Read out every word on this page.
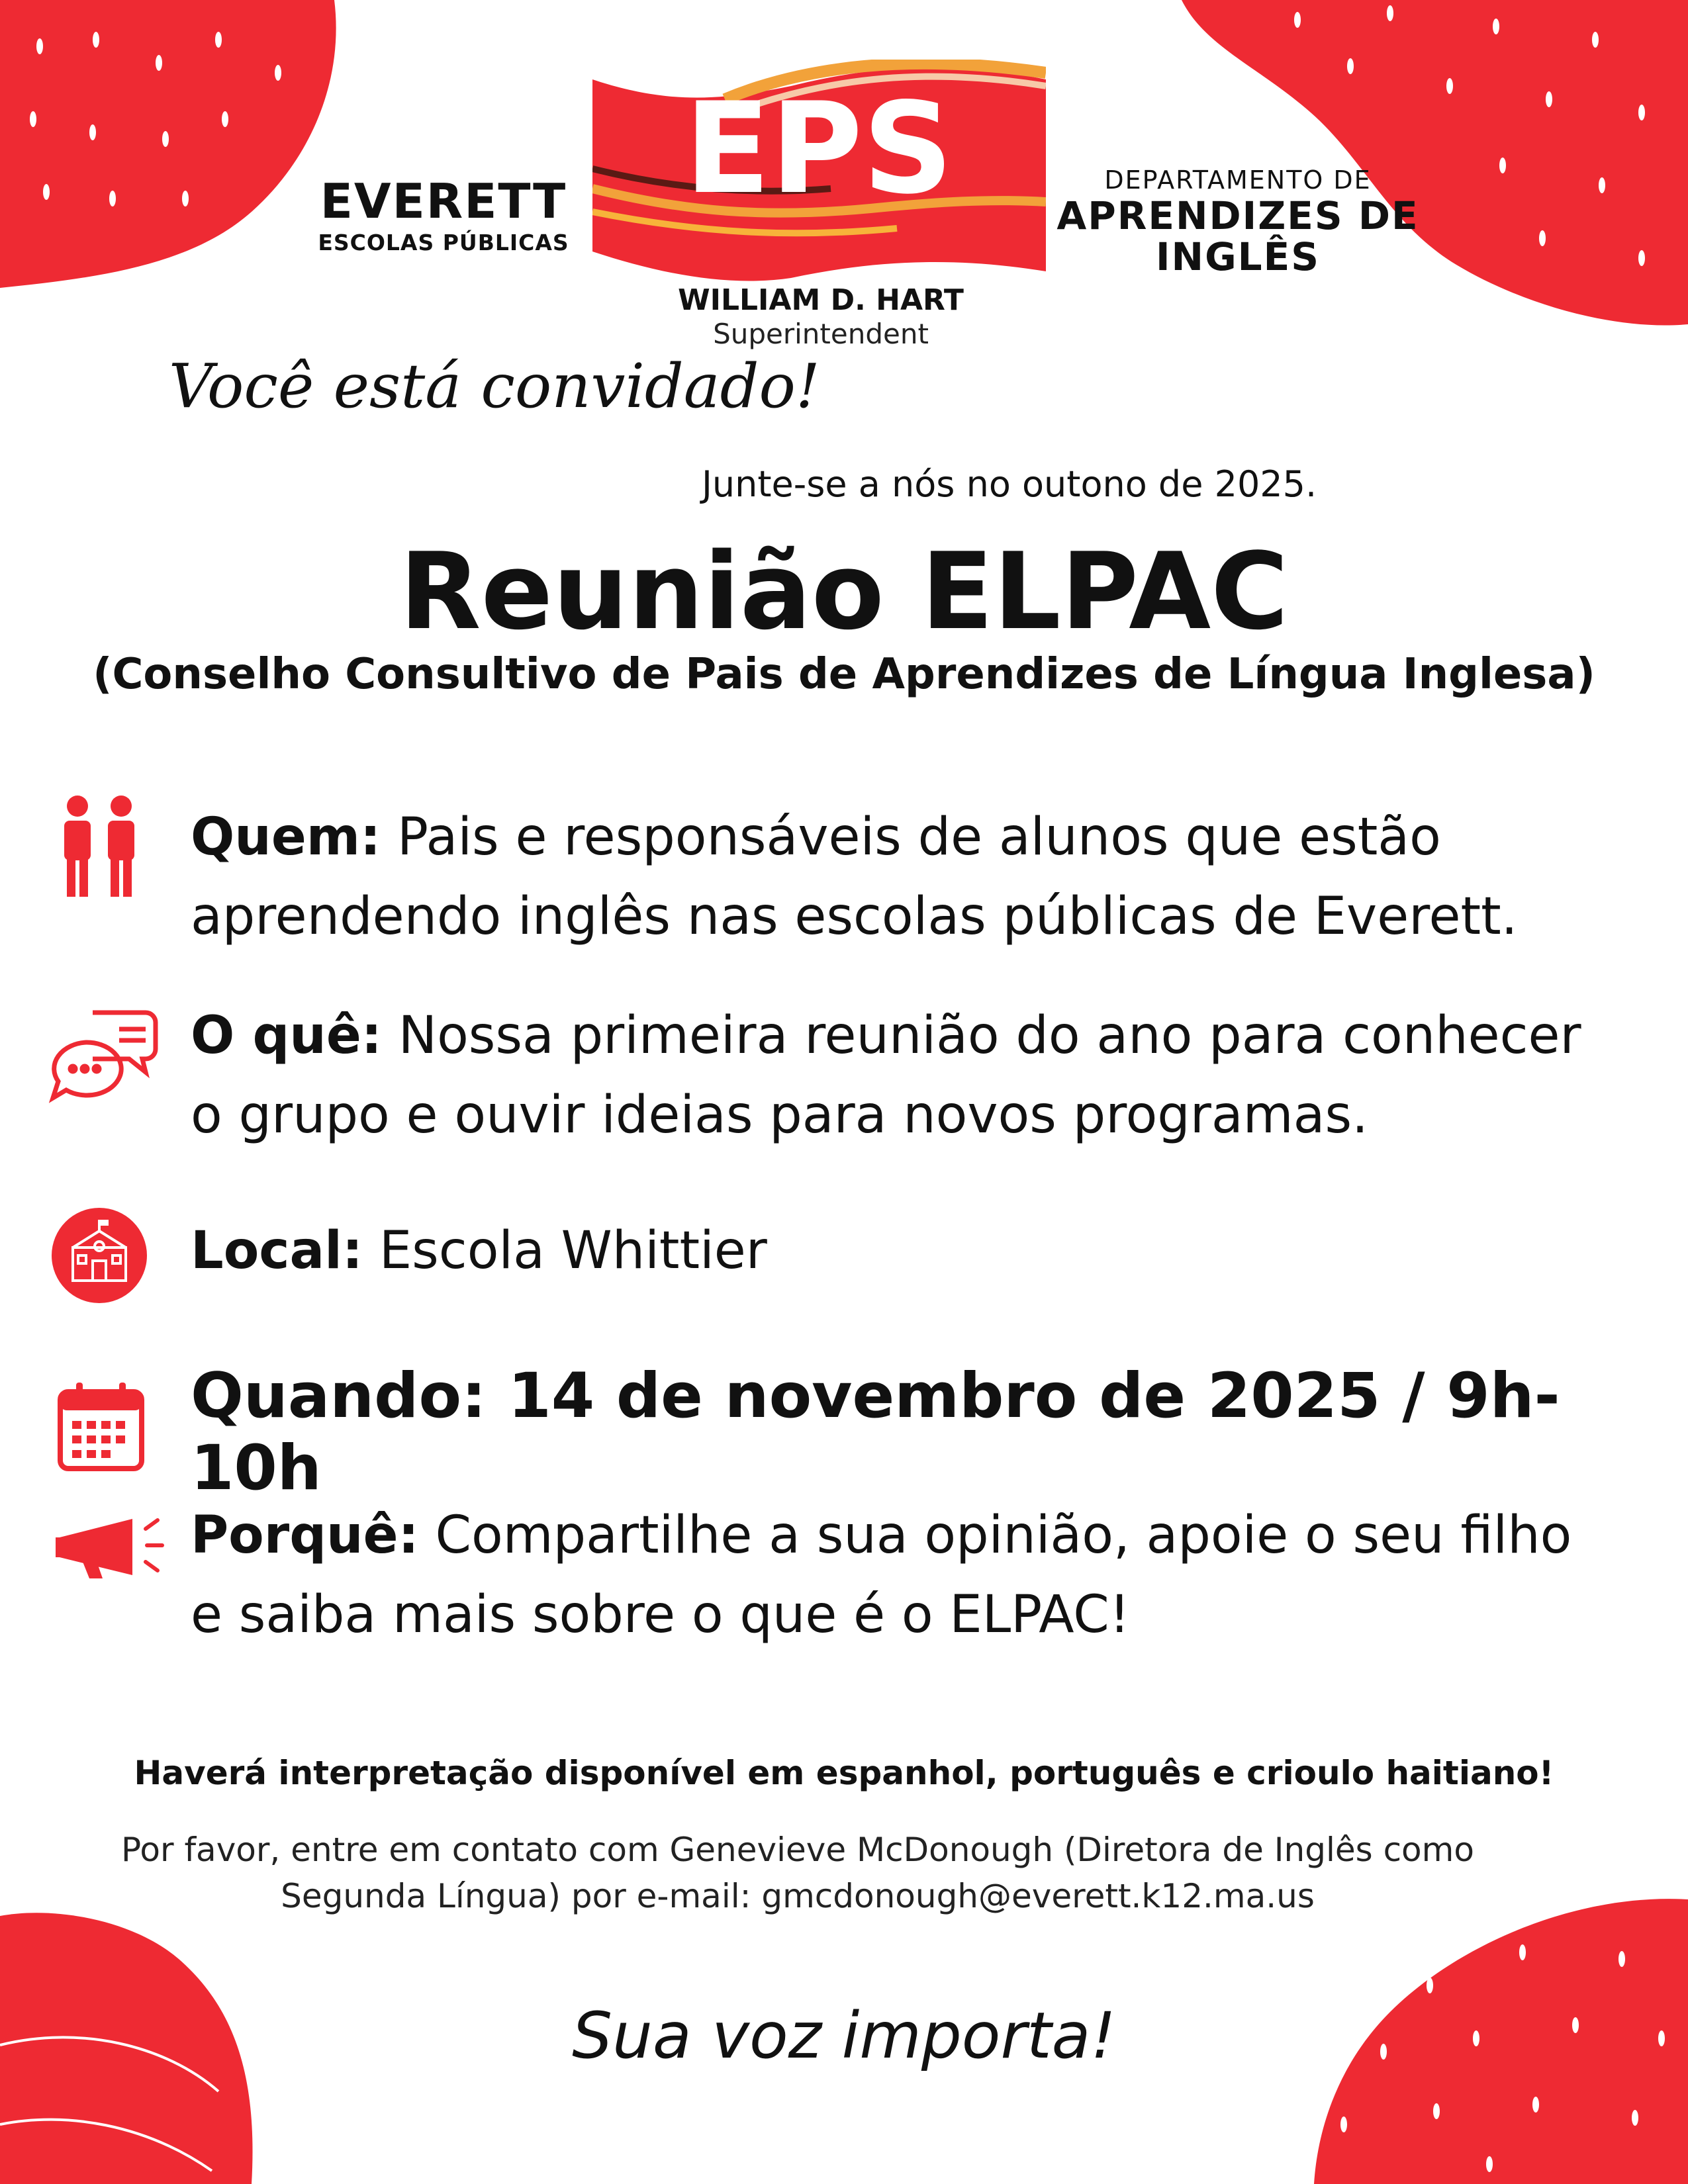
EVERETT
ESCOLAS PÚBLICAS
EPS
WILLIAM D. HART
Superintendent
DEPARTAMENTO DE
APRENDIZES DE
INGLÊS
Você está convidado!
Junte-se a nós no outono de 2025.
Reunião ELPAC
(Conselho Consultivo de Pais de Aprendizes de Língua Inglesa)
Quem: Pais e responsáveis de alunos que estão
aprendendo inglês nas escolas públicas de Everett.
O quê: Nossa primeira reunião do ano para conhecer
o grupo e ouvir ideias para novos programas.
Local: Escola Whittier
Quando: 14 de novembro de 2025 / 9h-10h
Porquê: Compartilhe a sua opinião, apoie o seu filho
e saiba mais sobre o que é o ELPAC!
Haverá interpretação disponível em espanhol, português e crioulo haitiano!
Por favor, entre em contato com Genevieve McDonough (Diretora de Inglês como
Segunda Língua) por e-mail: gmcdonough@everett.k12.ma.us
Sua voz importa!
